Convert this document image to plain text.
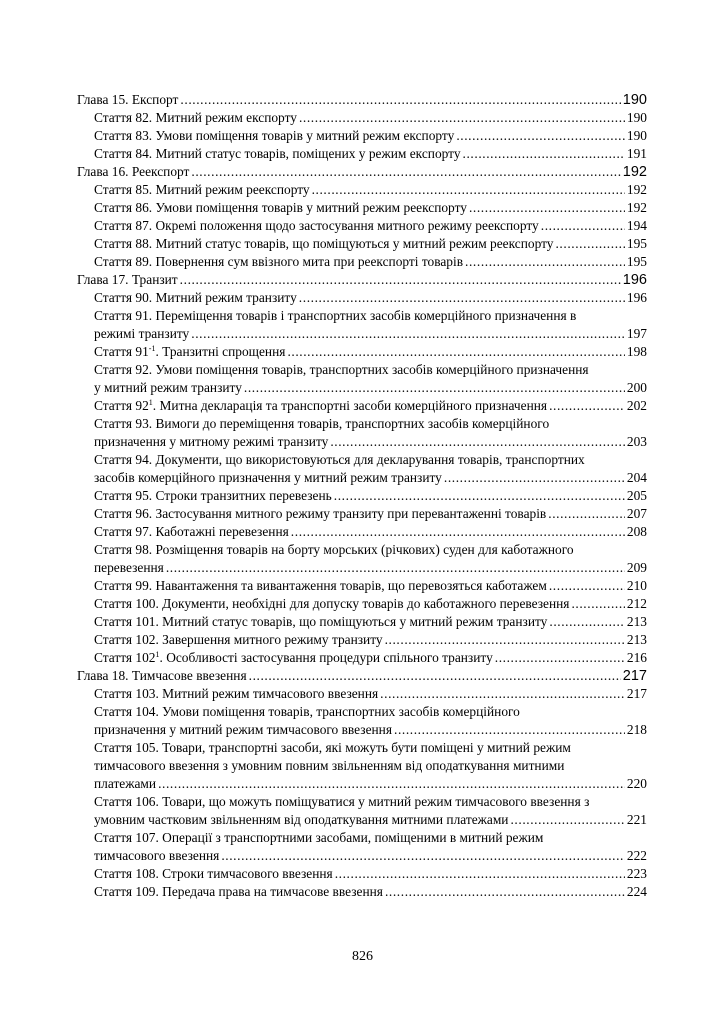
Глава 15. Експорт .....	190
Стаття 82. Митний режим експорту .....	190
Стаття 83. Умови поміщення товарів у митний режим експорту .....	190
Стаття 84. Митний статус товарів, поміщених у режим експорту .....	191
Глава 16. Реекспорт .....	192
Стаття 85. Митний режим реекспорту .....	192
Стаття 86. Умови поміщення товарів у митний режим реекспорту .....	192
Стаття 87. Окремі положення щодо застосування митного режиму реекспорту .....	194
Стаття 88. Митний статус товарів, що поміщуються у митний режим реекспорту .....	195
Стаття 89. Повернення сум ввізного мита при реекспорті товарів .....	195
Глава 17. Транзит .....	196
Стаття 90. Митний режим транзиту .....	196
Стаття 91. Переміщення товарів і транспортних засобів комерційного призначення в
режимі транзиту .....	197
Стаття $91^{-1}$. Транзитні спрощення .....	198
Стаття 92. Умови поміщення товарів, транспортних засобів комерційного призначення
у митний режим транзиту .....	200
Стаття $92^1$. Митна декларація та транспортні засоби комерційного призначення .....	202
Стаття 93. Вимоги до переміщення товарів, транспортних засобів комерційного
призначення у митному режимі транзиту .....	203
Стаття 94. Документи, що використовуються для декларування товарів, транспортних
засобів комерційного призначення у митний режим транзиту .....	204
Стаття 95. Строки транзитних перевезень .....	205
Стаття 96. Застосування митного режиму транзиту при перевантаженні товарів .....	207
Стаття 97. Каботажні перевезення .....	208
Стаття 98. Розміщення товарів на борту морських (річкових) суден для каботажного
перевезення .....	209
Стаття 99. Навантаження та вивантаження товарів, що перевозяться каботажем .....	210
Стаття 100. Документи, необхідні для допуску товарів до каботажного перевезення .....	212
Стаття 101. Митний статус товарів, що поміщуються у митний режим транзиту .....	213
Стаття 102. Завершення митного режиму транзиту .....	213
Стаття $102^1$. Особливості застосування процедури спільного транзиту .....	216
Глава 18. Тимчасове ввезення .....	217
Стаття 103. Митний режим тимчасового ввезення .....	217
Стаття 104. Умови поміщення товарів, транспортних засобів комерційного
призначення у митний режим тимчасового ввезення .....	218
Стаття 105. Товари, транспортні засоби, які можуть бути поміщені у митний режим
тимчасового ввезення з умовним повним звільненням від оподаткування митними
платежами .....	220
Стаття 106. Товари, що можуть поміщуватися у митний режим тимчасового ввезення з
умовним частковим звільненням від оподаткування митними платежами .....	221
Стаття 107. Операції з транспортними засобами, поміщеними в митний режим
тимчасового ввезення .....	222
Стаття 108. Строки тимчасового ввезення .....	223
Стаття 109. Передача права на тимчасове ввезення .....	224
826
